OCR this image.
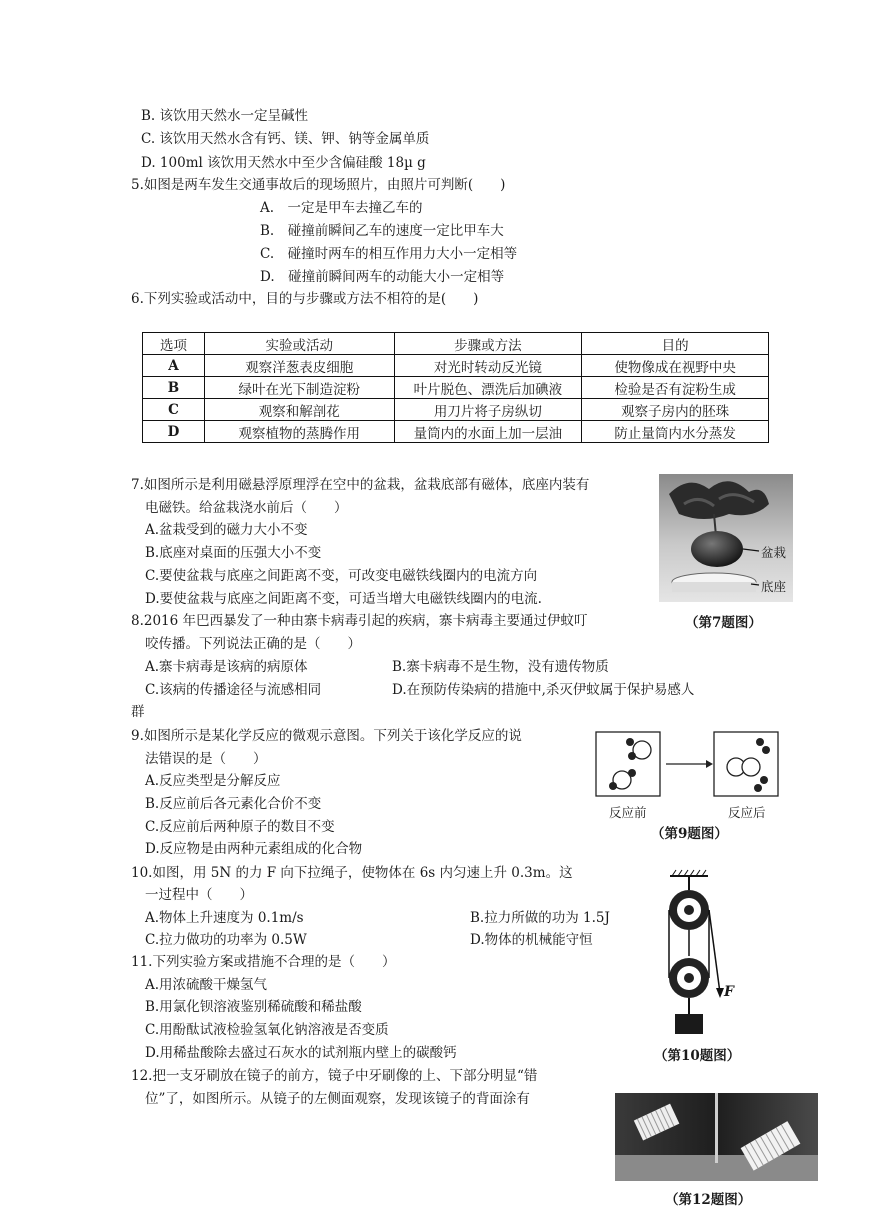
B. 该饮用天然水一定呈碱性
C. 该饮用天然水含有钙、镁、钾、钠等金属单质
D. 100ml 该饮用天然水中至少含偏硅酸 18µ g
5.如图是两车发生交通事故后的现场照片，由照片可判断(　　)
A.　一定是甲车去撞乙车的
B.　碰撞前瞬间乙车的速度一定比甲车大
C.　碰撞时两车的相互作用力大小一定相等
D.　碰撞前瞬间两车的动能大小一定相等
6.下列实验或活动中，目的与步骤或方法不相符的是(　　)
选项	实验或活动	步骤或方法	目的
A	观察洋葱表皮细胞	对光时转动反光镜	使物像成在视野中央
B	绿叶在光下制造淀粉	叶片脱色、漂洗后加碘液	检验是否有淀粉生成
C	观察和解剖花	用刀片将子房纵切	观察子房内的胚珠
D	观察植物的蒸腾作用	量筒内的水面上加一层油	防止量筒内水分蒸发
7.如图所示是利用磁悬浮原理浮在空中的盆栽，盆栽底部有磁体，底座内装有
电磁铁。给盆栽浇水前后（　　）
A.盆栽受到的磁力大小不变
B.底座对桌面的压强大小不变
C.要使盆栽与底座之间距离不变，可改变电磁铁线圈内的电流方向
D.要使盆栽与底座之间距离不变，可适当增大电磁铁线圈内的电流.
盆栽
底座
（第7题图）
8.2016 年巴西暴发了一种由寨卡病毒引起的疾病，寨卡病毒主要通过伊蚊叮
咬传播。下列说法正确的是（　　）
A.寨卡病毒是该病的病原体	B.寨卡病毒不是生物，没有遗传物质
C.该病的传播途径与流感相同	D.在预防传染病的措施中,杀灭伊蚊属于保护易感人
群
9.如图所示是某化学反应的微观示意图。下列关于该化学反应的说
法错误的是（　　）
A.反应类型是分解反应
B.反应前后各元素化合价不变
C.反应前后两种原子的数目不变
D.反应物是由两种元素组成的化合物
反应前	反应后
（第9题图）
10.如图，用 5N 的力 F 向下拉绳子，使物体在 6s 内匀速上升 0.3m。这
一过程中（　　）
A.物体上升速度为 0.1m/s	B.拉力所做的功为 1.5J
C.拉力做功的功率为 0.5W	D.物体的机械能守恒
F
（第10题图）
11.下列实验方案或措施不合理的是（　　）
A.用浓硫酸干燥氢气
B.用氯化钡溶液鉴别稀硫酸和稀盐酸
C.用酚酞试液检验氢氧化钠溶液是否变质
D.用稀盐酸除去盛过石灰水的试剂瓶内壁上的碳酸钙
12.把一支牙刷放在镜子的前方，镜子中牙刷像的上、下部分明显“错
位”了，如图所示。从镜子的左侧面观察，发现该镜子的背面涂有
（第12题图）
